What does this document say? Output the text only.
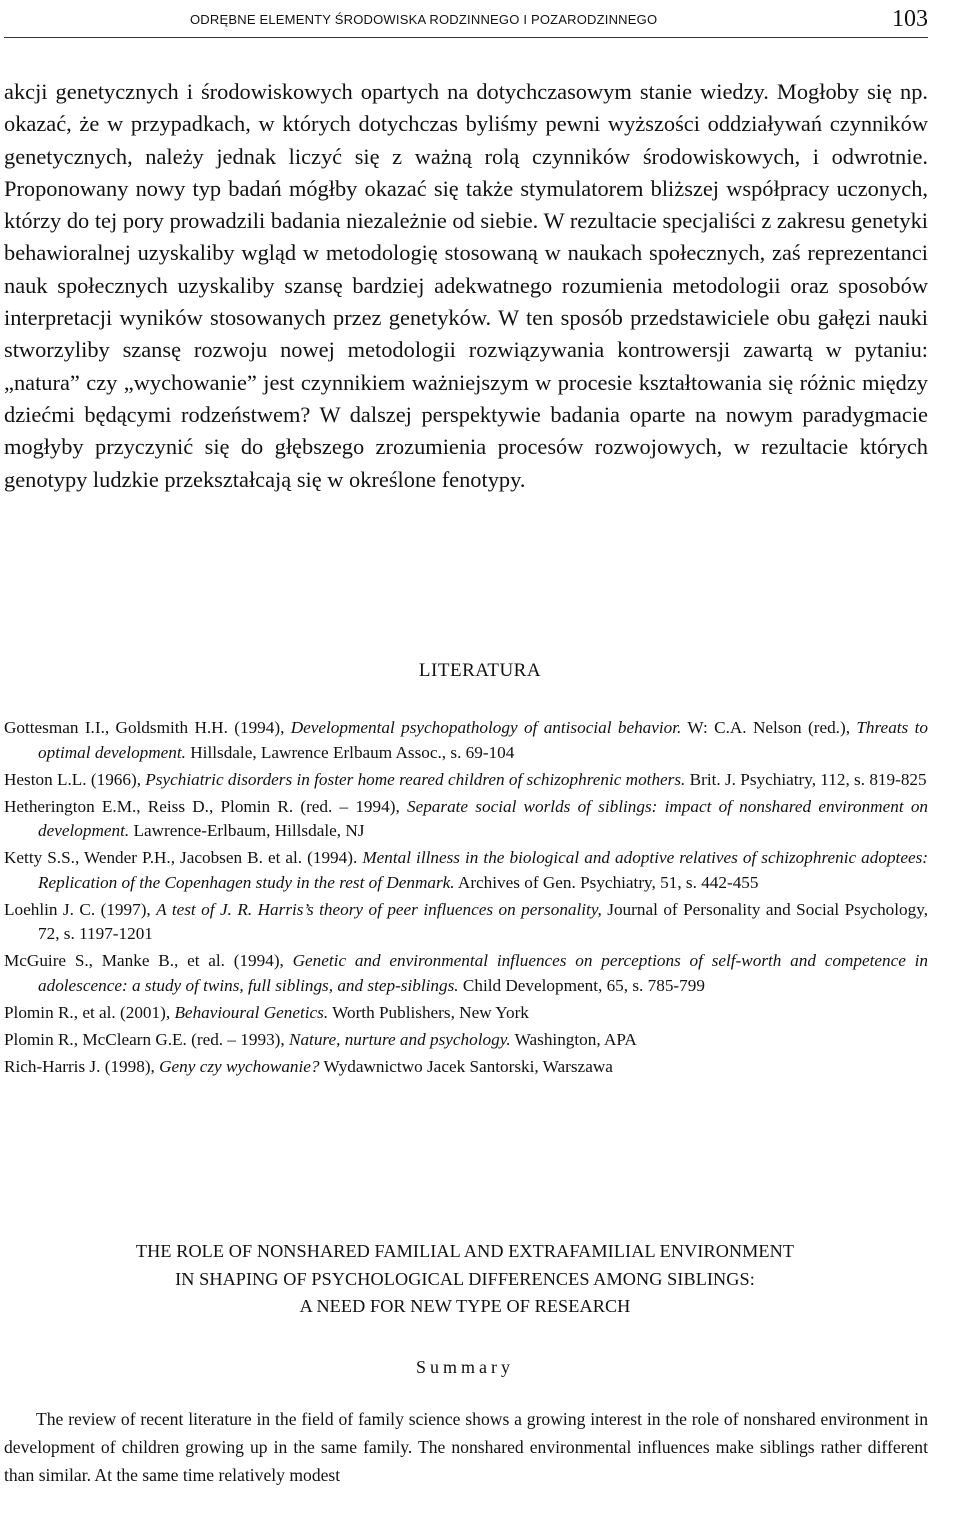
ODRĘBNE ELEMENTY ŚRODOWISKA RODZINNEGO I POZARODZINNEGO	103

akcji genetycznych i środowiskowych opartych na dotychczasowym stanie wiedzy. Mogłoby się np. okazać, że w przypadkach, w których dotychczas byliśmy pewni wyższości oddziaływań czynników genetycznych, należy jednak liczyć się z ważną rolą czynników środowiskowych, i odwrotnie. Proponowany nowy typ badań mógłby okazać się także stymulatorem bliższej współpracy uczonych, którzy do tej pory prowadzili badania niezależnie od siebie. W rezultacie specjaliści z zakresu genetyki behawioralnej uzyskaliby wgląd w metodologię stosowaną w naukach społecznych, zaś reprezentanci nauk społecznych uzyskaliby szansę bardziej adekwatnego rozumienia metodologii oraz sposobów interpretacji wyników stosowanych przez genetyków. W ten sposób przedstawiciele obu gałęzi nauki stworzyliby szansę rozwoju nowej metodologii rozwiązywania kontrowersji zawartą w pytaniu: „natura” czy „wychowanie” jest czynnikiem ważniejszym w procesie kształtowania się różnic między dziećmi będącymi rodzeństwem? W dalszej perspektywie badania oparte na nowym paradygmacie mogłyby przyczynić się do głębszego zrozumienia procesów rozwojowych, w rezultacie których genotypy ludzkie przekształcają się w określone fenotypy.

LITERATURA

Gottesman I.I., Goldsmith H.H. (1994), Developmental psychopathology of antisocial behavior. W: C.A. Nelson (red.), Threats to optimal development. Hillsdale, Lawrence Erlbaum Assoc., s. 69-104

Heston L.L. (1966), Psychiatric disorders in foster home reared children of schizophrenic mothers. Brit. J. Psychiatry, 112, s. 819-825

Hetherington E.M., Reiss D., Plomin R. (red. – 1994), Separate social worlds of siblings: impact of nonshared environment on development. Lawrence-Erlbaum, Hillsdale, NJ

Ketty S.S., Wender P.H., Jacobsen B. et al. (1994). Mental illness in the biological and adoptive relatives of schizophrenic adoptees: Replication of the Copenhagen study in the rest of Denmark. Archives of Gen. Psychiatry, 51, s. 442-455

Loehlin J. C. (1997), A test of J. R. Harris’s theory of peer influences on personality, Journal of Personality and Social Psychology, 72, s. 1197-1201

McGuire S., Manke B., et al. (1994), Genetic and environmental influences on perceptions of self-worth and competence in adolescence: a study of twins, full siblings, and step-siblings. Child Development, 65, s. 785-799

Plomin R., et al. (2001), Behavioural Genetics. Worth Publishers, New York

Plomin R., McClearn G.E. (red. – 1993), Nature, nurture and psychology. Washington, APA

Rich-Harris J. (1998), Geny czy wychowanie? Wydawnictwo Jacek Santorski, Warszawa

THE ROLE OF NONSHARED FAMILIAL AND EXTRAFAMILIAL ENVIRONMENT
IN SHAPING OF PSYCHOLOGICAL DIFFERENCES AMONG SIBLINGS:
A NEED FOR NEW TYPE OF RESEARCH
Summary

The review of recent literature in the field of family science shows a growing interest in the role of nonshared environment in development of children growing up in the same family. The nonshared environmental influences make siblings rather different than similar. At the same time relatively modest
